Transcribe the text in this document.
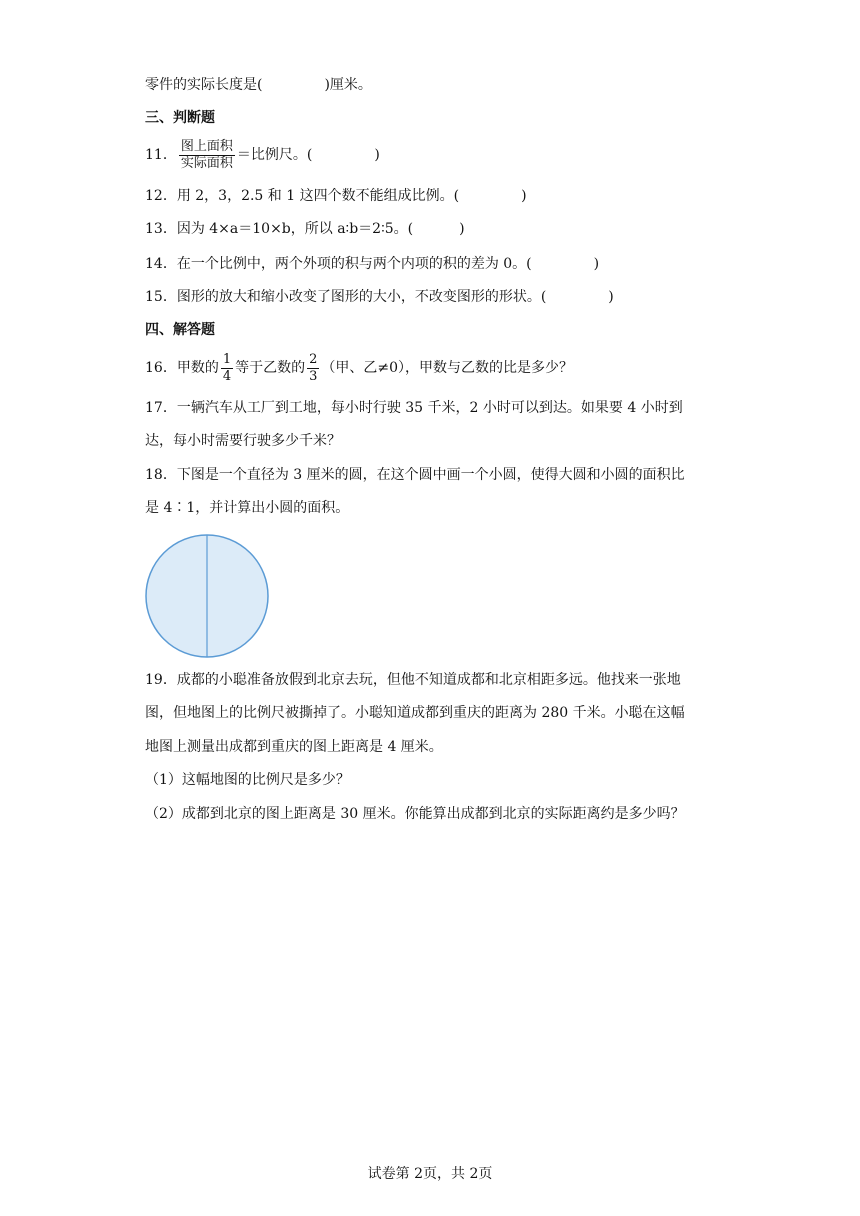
零件的实际长度是(	)厘米。
三、判断题
11． $\frac{\text{图上面积}}{\text{实际面积}}$ ＝比例尺。(	)
12．用 2，3，2.5 和 1 这四个数不能组成比例。(	)
13．因为 4×a＝10×b，所以 a∶b＝2∶5。(	)
14．在一个比例中，两个外项的积与两个内项的积的差为 0。(	)
15．图形的放大和缩小改变了图形的大小，不改变图形的形状。(	)
四、解答题
16．甲数的 $\frac{1}{4}$ 等于乙数的 $\frac{2}{3}$ （甲、乙≠0），甲数与乙数的比是多少？
17．一辆汽车从工厂到工地，每小时行驶 35 千米，2 小时可以到达。如果要 4 小时到
达，每小时需要行驶多少千米？
18．下图是一个直径为 3 厘米的圆，在这个圆中画一个小圆，使得大圆和小圆的面积比
是 4∶1，并计算出小圆的面积。
19．成都的小聪准备放假到北京去玩，但他不知道成都和北京相距多远。他找来一张地
图，但地图上的比例尺被撕掉了。小聪知道成都到重庆的距离为 280 千米。小聪在这幅
地图上测量出成都到重庆的图上距离是 4 厘米。
（1）这幅地图的比例尺是多少？
（2）成都到北京的图上距离是 30 厘米。你能算出成都到北京的实际距离约是多少吗？
试卷第 2页，共 2页
